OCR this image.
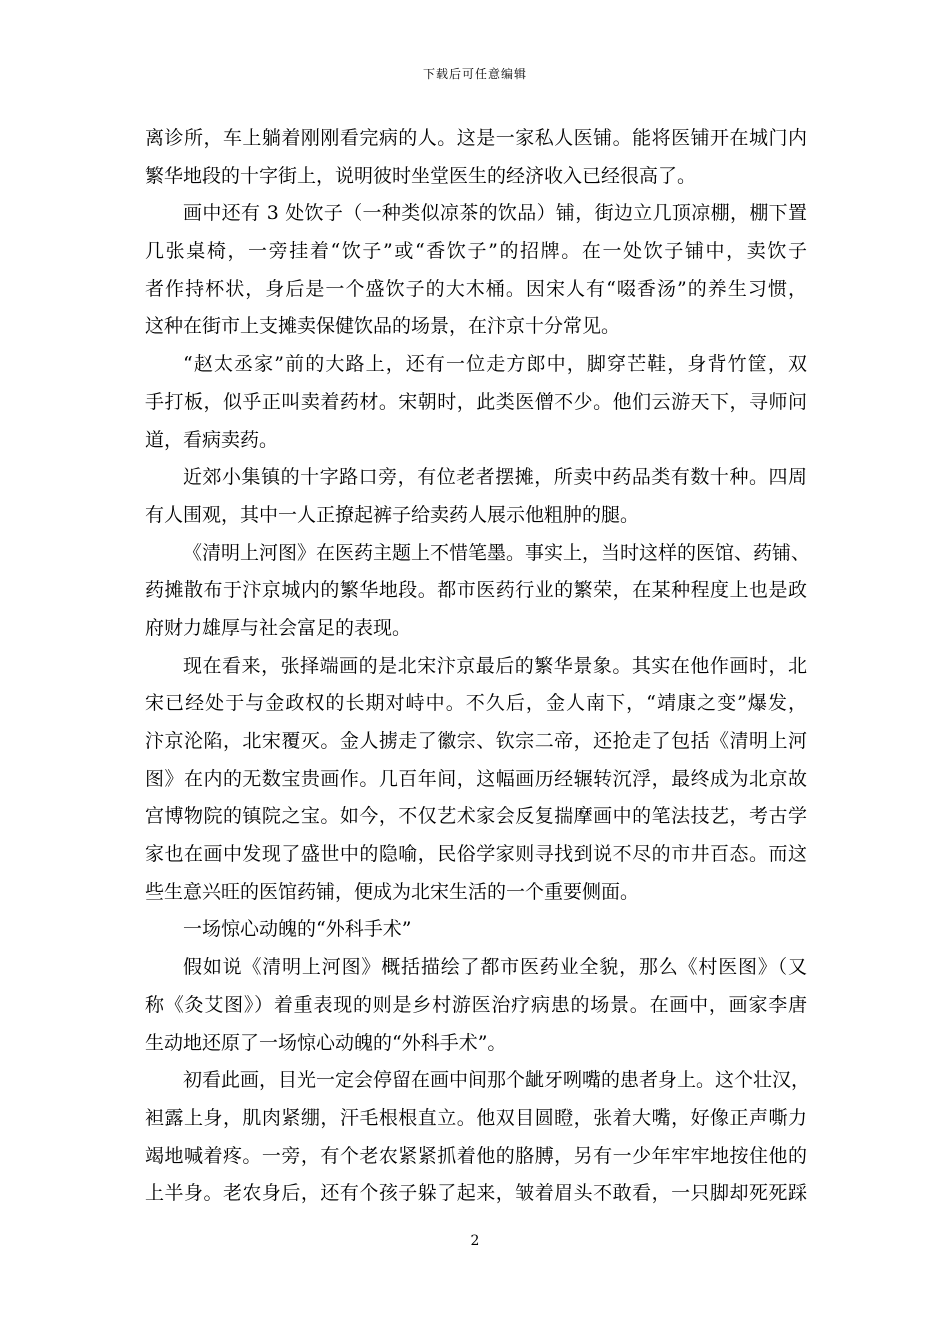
下载后可任意编辑
离诊所，车上躺着刚刚看完病的人。这是一家私人医铺。能将医铺开在城门内
繁华地段的十字街上，说明彼时坐堂医生的经济收入已经很高了。
画中还有 3 处饮子（一种类似凉茶的饮品）铺，街边立几顶凉棚，棚下置
几张桌椅，一旁挂着“饮子”或“香饮子”的招牌。在一处饮子铺中，卖饮子
者作持杯状，身后是一个盛饮子的大木桶。因宋人有“啜香汤”的养生习惯，
这种在街市上支摊卖保健饮品的场景，在汴京十分常见。
“赵太丞家”前的大路上，还有一位走方郎中，脚穿芒鞋，身背竹筐，双
手打板，似乎正叫卖着药材。宋朝时，此类医僧不少。他们云游天下，寻师问
道，看病卖药。
近郊小集镇的十字路口旁，有位老者摆摊，所卖中药品类有数十种。四周
有人围观，其中一人正撩起裤子给卖药人展示他粗肿的腿。
《清明上河图》在医药主题上不惜笔墨。事实上，当时这样的医馆、药铺、
药摊散布于汴京城内的繁华地段。都市医药行业的繁荣，在某种程度上也是政
府财力雄厚与社会富足的表现。
现在看来，张择端画的是北宋汴京最后的繁华景象。其实在他作画时，北
宋已经处于与金政权的长期对峙中。不久后，金人南下，“靖康之变”爆发，
汴京沦陷，北宋覆灭。金人掳走了徽宗、钦宗二帝，还抢走了包括《清明上河
图》在内的无数宝贵画作。几百年间，这幅画历经辗转沉浮，最终成为北京故
宫博物院的镇院之宝。如今，不仅艺术家会反复揣摩画中的笔法技艺，考古学
家也在画中发现了盛世中的隐喻，民俗学家则寻找到说不尽的市井百态。而这
些生意兴旺的医馆药铺，便成为北宋生活的一个重要侧面。
一场惊心动魄的“外科手术”
假如说《清明上河图》概括描绘了都市医药业全貌，那么《村医图》（又
称《灸艾图》）着重表现的则是乡村游医治疗病患的场景。在画中，画家李唐
生动地还原了一场惊心动魄的“外科手术”。
初看此画，目光一定会停留在画中间那个龇牙咧嘴的患者身上。这个壮汉，
袒露上身，肌肉紧绷，汗毛根根直立。他双目圆瞪，张着大嘴，好像正声嘶力
竭地喊着疼。一旁，有个老农紧紧抓着他的胳膊，另有一少年牢牢地按住他的
上半身。老农身后，还有个孩子躲了起来，皱着眉头不敢看，一只脚却死死踩
2
